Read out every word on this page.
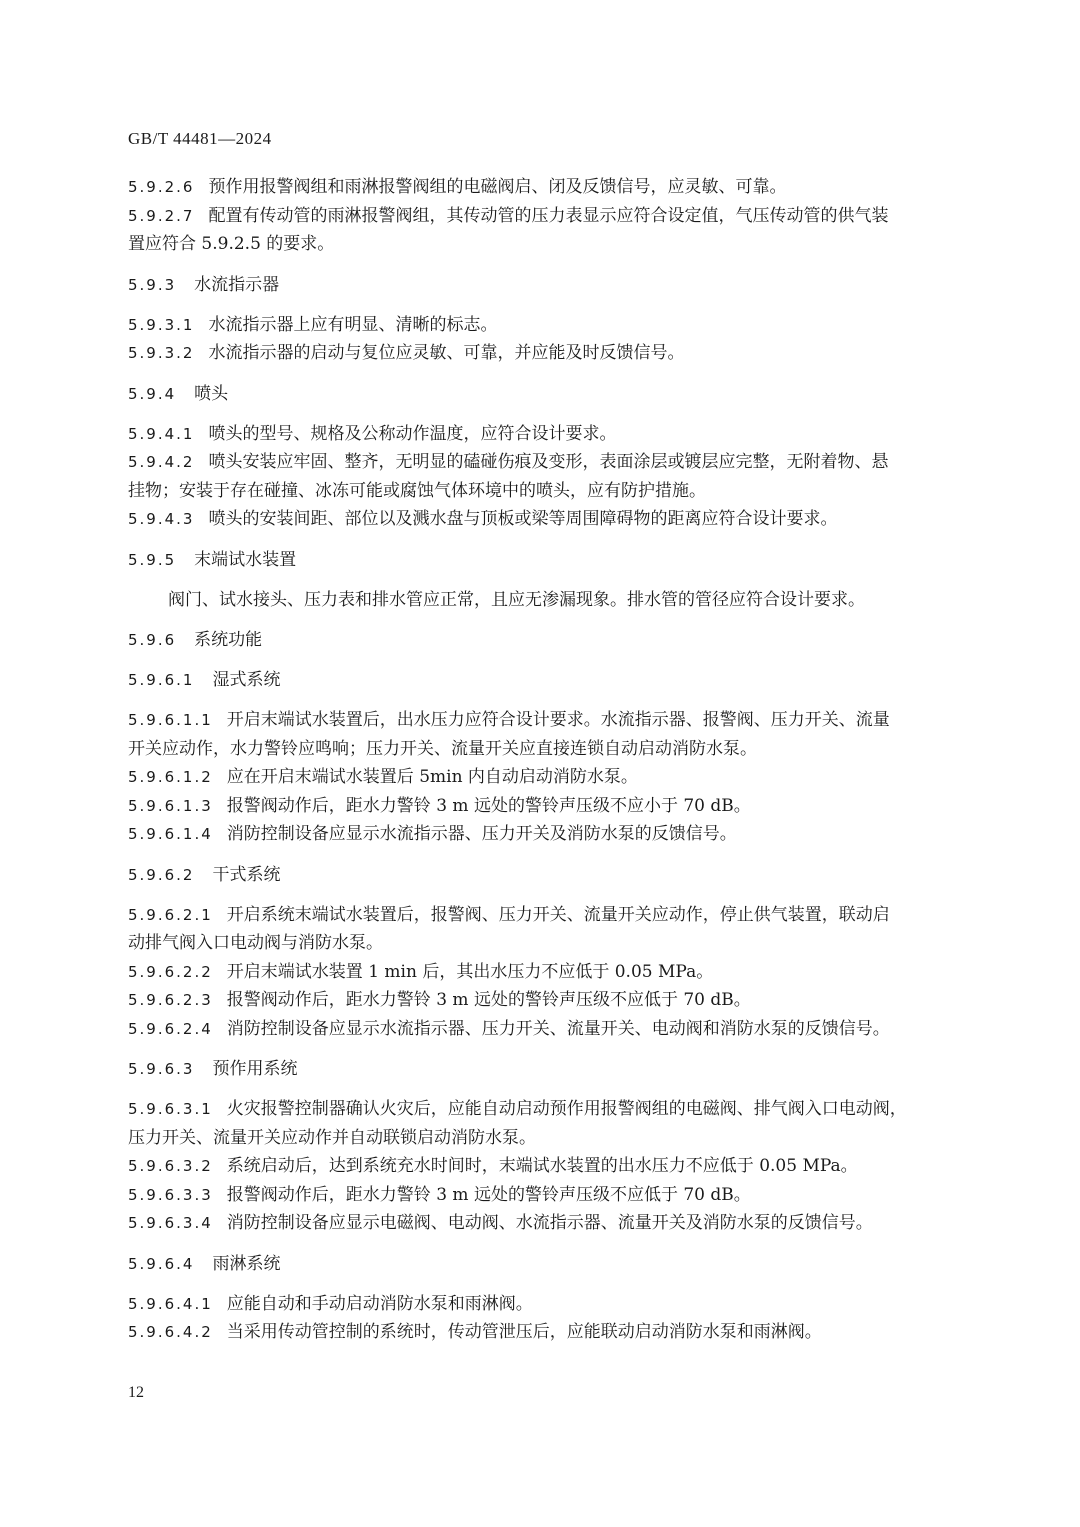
GB/T 44481—2024
5.9.2.6 预作用报警阀组和雨淋报警阀组的电磁阀启、闭及反馈信号，应灵敏、可靠。
5.9.2.7 配置有传动管的雨淋报警阀组，其传动管的压力表显示应符合设定值，气压传动管的供气装
置应符合 5.9.2.5 的要求。
5.9.3 水流指示器
5.9.3.1 水流指示器上应有明显、清晰的标志。
5.9.3.2 水流指示器的启动与复位应灵敏、可靠，并应能及时反馈信号。
5.9.4 喷头
5.9.4.1 喷头的型号、规格及公称动作温度，应符合设计要求。
5.9.4.2 喷头安装应牢固、整齐，无明显的磕碰伤痕及变形，表面涂层或镀层应完整，无附着物、悬
挂物；安装于存在碰撞、冰冻可能或腐蚀气体环境中的喷头，应有防护措施。
5.9.4.3 喷头的安装间距、部位以及溅水盘与顶板或梁等周围障碍物的距离应符合设计要求。
5.9.5 末端试水装置
阀门、试水接头、压力表和排水管应正常，且应无渗漏现象。排水管的管径应符合设计要求。
5.9.6 系统功能
5.9.6.1 湿式系统
5.9.6.1.1 开启末端试水装置后，出水压力应符合设计要求。水流指示器、报警阀、压力开关、流量
开关应动作，水力警铃应鸣响；压力开关、流量开关应直接连锁自动启动消防水泵。
5.9.6.1.2 应在开启末端试水装置后 5min 内自动启动消防水泵。
5.9.6.1.3 报警阀动作后，距水力警铃 3 m 远处的警铃声压级不应小于 70 dB。
5.9.6.1.4 消防控制设备应显示水流指示器、压力开关及消防水泵的反馈信号。
5.9.6.2 干式系统
5.9.6.2.1 开启系统末端试水装置后，报警阀、压力开关、流量开关应动作，停止供气装置，联动启
动排气阀入口电动阀与消防水泵。
5.9.6.2.2 开启末端试水装置 1 min 后，其出水压力不应低于 0.05 MPa。
5.9.6.2.3 报警阀动作后，距水力警铃 3 m 远处的警铃声压级不应低于 70 dB。
5.9.6.2.4 消防控制设备应显示水流指示器、压力开关、流量开关、电动阀和消防水泵的反馈信号。
5.9.6.3 预作用系统
5.9.6.3.1 火灾报警控制器确认火灾后，应能自动启动预作用报警阀组的电磁阀、排气阀入口电动阀，
压力开关、流量开关应动作并自动联锁启动消防水泵。
5.9.6.3.2 系统启动后，达到系统充水时间时，末端试水装置的出水压力不应低于 0.05 MPa。
5.9.6.3.3 报警阀动作后，距水力警铃 3 m 远处的警铃声压级不应低于 70 dB。
5.9.6.3.4 消防控制设备应显示电磁阀、电动阀、水流指示器、流量开关及消防水泵的反馈信号。
5.9.6.4 雨淋系统
5.9.6.4.1 应能自动和手动启动消防水泵和雨淋阀。
5.9.6.4.2 当采用传动管控制的系统时，传动管泄压后，应能联动启动消防水泵和雨淋阀。
12
